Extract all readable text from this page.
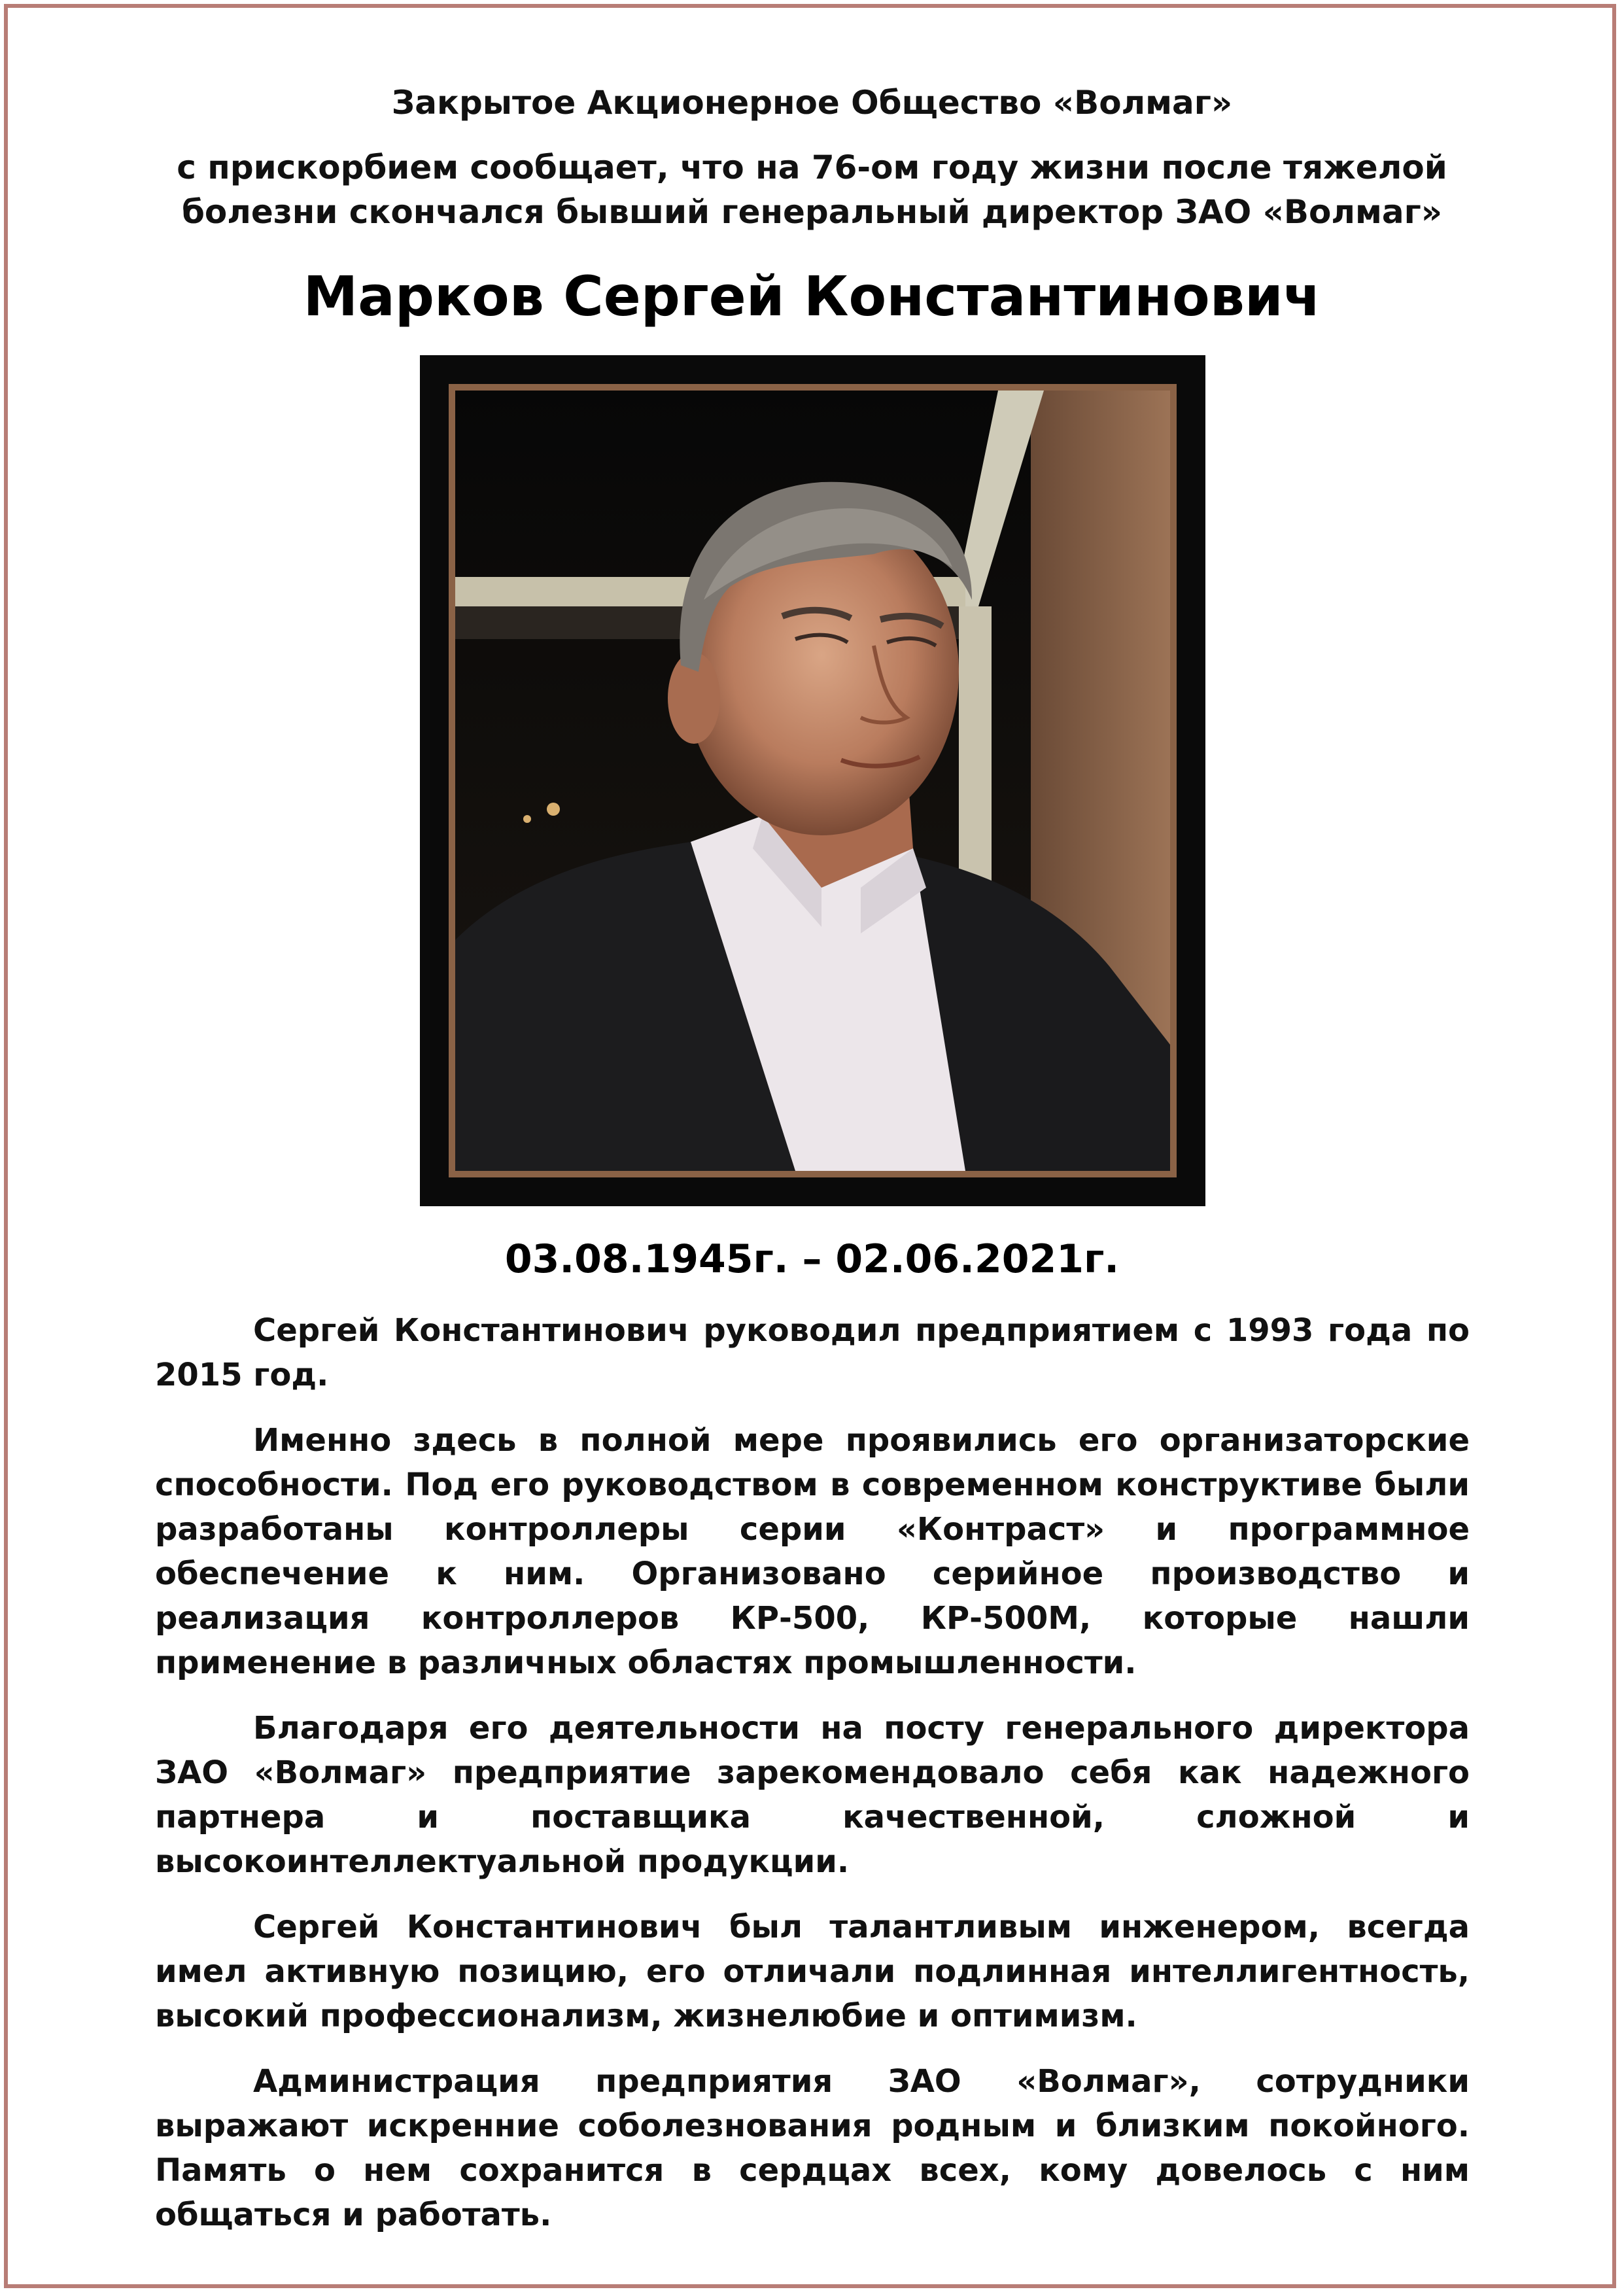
Закрытое Акционерное Общество «Волмаг»
с прискорбием сообщает, что на 76-ом году жизни после тяжелой
болезни скончался бывший генеральный директор ЗАО «Волмаг»
Марков Сергей Константинович
03.08.1945г. – 02.06.2021г.

Сергей Константинович руководил предприятием с 1993 года по 2015 год.

Именно здесь в полной мере проявились его организаторские способности. Под его руководством в современном конструктиве были разработаны контроллеры серии «Контраст» и программное обеспечение к ним. Организовано серийное производство и реализация контроллеров КР-500, КР-500М, которые нашли применение в различных областях промышленности.

Благодаря его деятельности на посту генерального директора ЗАО «Волмаг» предприятие зарекомендовало себя как надежного партнера и поставщика качественной, сложной и высокоинтеллектуальной продукции.

Сергей Константинович был талантливым инженером, всегда имел активную позицию, его отличали подлинная интеллигентность, высокий профессионализм, жизнелюбие и оптимизм.

Администрация предприятия ЗАО «Волмаг», сотрудники выражают искренние соболезнования родным и близким покойного. Память о нем сохранится в сердцах всех, кому довелось с ним общаться и работать.
